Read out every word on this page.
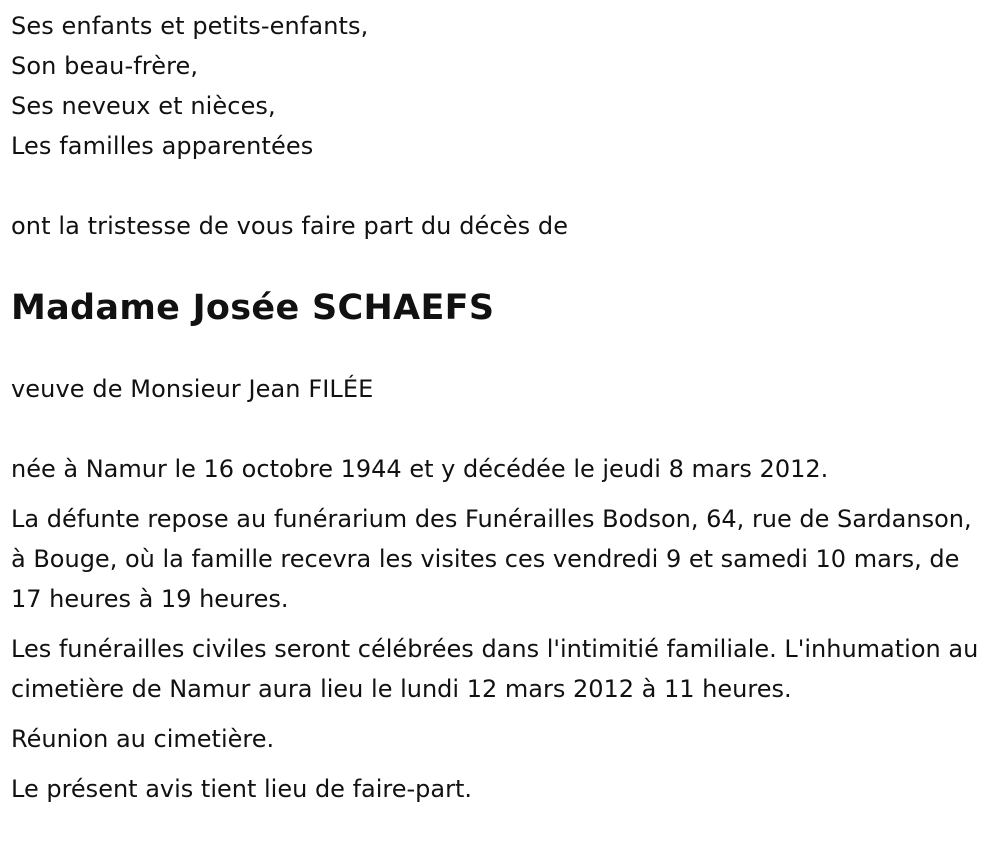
Ses enfants et petits-enfants,
Son beau-frère,
Ses neveux et nièces,
Les familles apparentées
ont la tristesse de vous faire part du décès de
Madame Josée SCHAEFS
veuve de Monsieur Jean FILÉE

née à Namur le 16 octobre 1944 et y décédée le jeudi 8 mars 2012.

La défunte repose au funérarium des Funérailles Bodson, 64, rue de Sardanson, à Bouge, où la famille recevra les visites ces vendredi 9 et samedi 10 mars, de 17 heures à 19 heures.

Les funérailles civiles seront célébrées dans l'intimitié familiale. L'inhumation au cimetière de Namur aura lieu le lundi 12 mars 2012 à 11 heures.

Réunion au cimetière.

Le présent avis tient lieu de faire-part.
